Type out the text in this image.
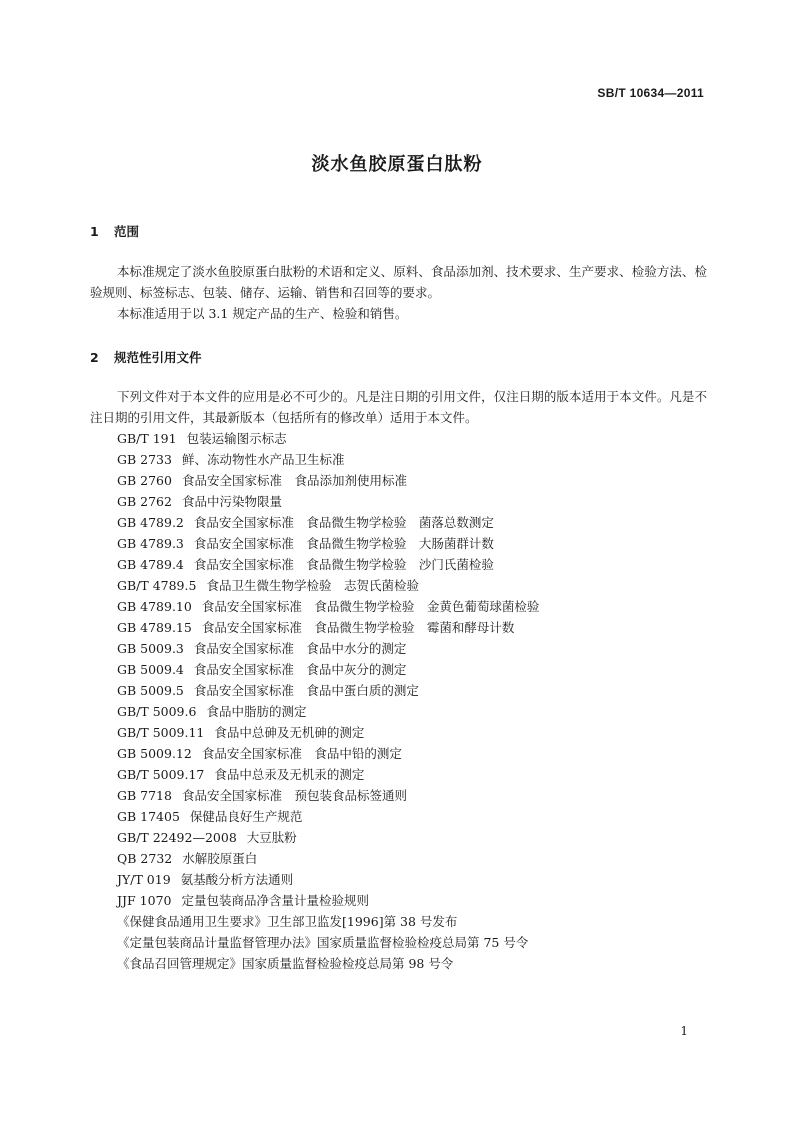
SB/T 10634—2011
淡水鱼胶原蛋白肽粉
1 范围

本标准规定了淡水鱼胶原蛋白肽粉的术语和定义、原料、食品添加剂、技术要求、生产要求、检验方法、检验规则、标签标志、包装、储存、运输、销售和召回等的要求。

本标准适用于以 3.1 规定产品的生产、检验和销售。

2 规范性引用文件

下列文件对于本文件的应用是必不可少的。凡是注日期的引用文件，仅注日期的版本适用于本文件。凡是不注日期的引用文件，其最新版本（包括所有的修改单）适用于本文件。

GB/T 191 包装运输图示标志
GB 2733 鲜、冻动物性水产品卫生标准
GB 2760 食品安全国家标准　食品添加剂使用标准
GB 2762 食品中污染物限量
GB 4789.2 食品安全国家标准　食品微生物学检验　菌落总数测定
GB 4789.3 食品安全国家标准　食品微生物学检验　大肠菌群计数
GB 4789.4 食品安全国家标准　食品微生物学检验　沙门氏菌检验
GB/T 4789.5 食品卫生微生物学检验　志贺氏菌检验
GB 4789.10 食品安全国家标准　食品微生物学检验　金黄色葡萄球菌检验
GB 4789.15 食品安全国家标准　食品微生物学检验　霉菌和酵母计数
GB 5009.3 食品安全国家标准　食品中水分的测定
GB 5009.4 食品安全国家标准　食品中灰分的测定
GB 5009.5 食品安全国家标准　食品中蛋白质的测定
GB/T 5009.6 食品中脂肪的测定
GB/T 5009.11 食品中总砷及无机砷的测定
GB 5009.12 食品安全国家标准　食品中铅的测定
GB/T 5009.17 食品中总汞及无机汞的测定
GB 7718 食品安全国家标准　预包装食品标签通则
GB 17405 保健品良好生产规范
GB/T 22492—2008 大豆肽粉
QB 2732 水解胶原蛋白
JY/T 019 氨基酸分析方法通则
JJF 1070 定量包装商品净含量计量检验规则
《保健食品通用卫生要求》卫生部卫监发[1996]第 38 号发布
《定量包装商品计量监督管理办法》国家质量监督检验检疫总局第 75 号令
《食品召回管理规定》国家质量监督检验检疫总局第 98 号令
1
